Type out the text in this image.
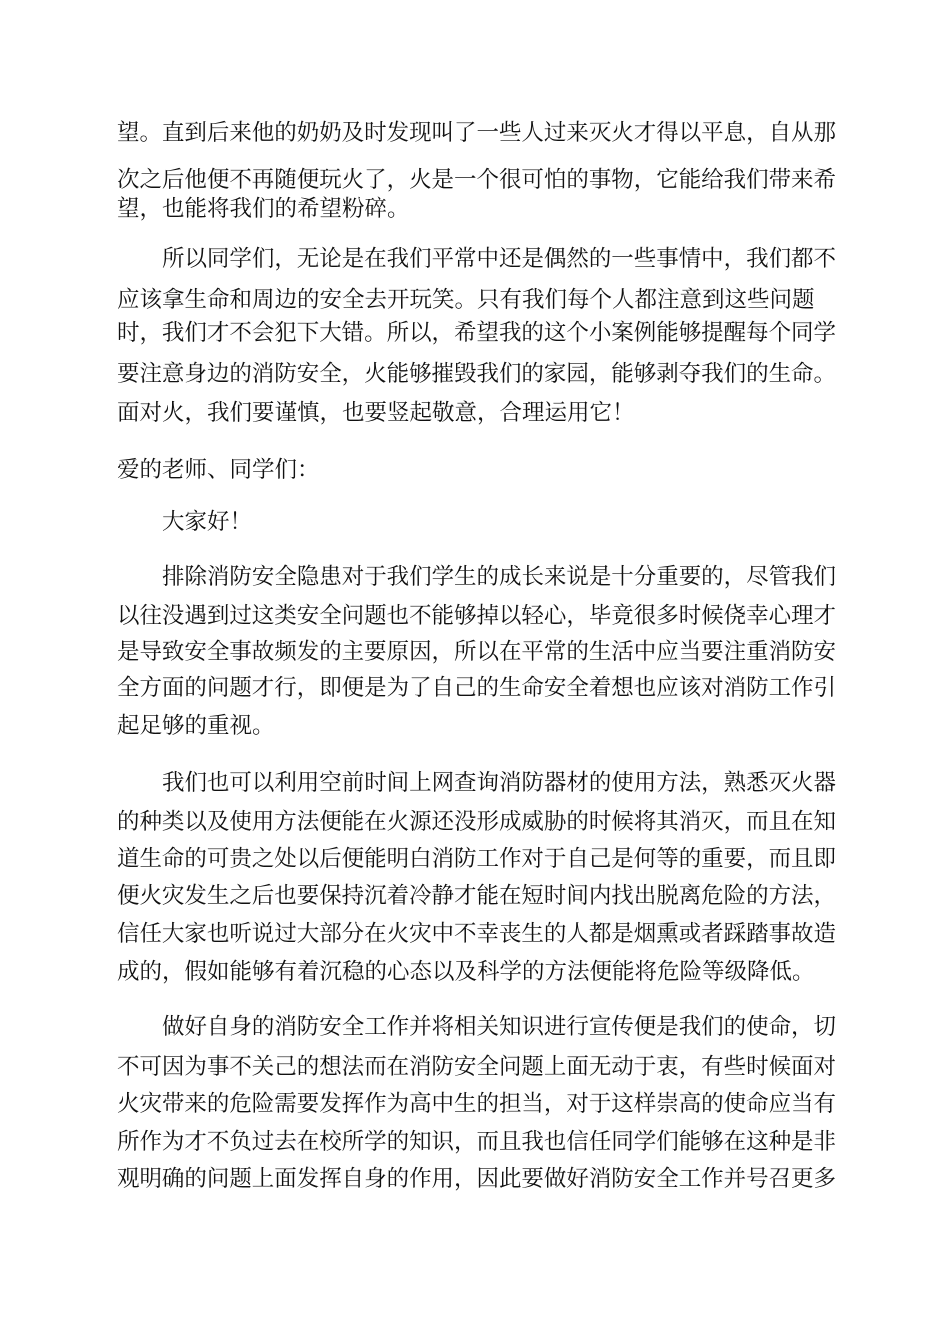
望。直到后来他的奶奶及时发现叫了一些人过来灭火才得以平息，自从那
次之后他便不再随便玩火了，火是一个很可怕的事物，它能给我们带来希
望，也能将我们的希望粉碎。
所以同学们，无论是在我们平常中还是偶然的一些事情中，我们都不
应该拿生命和周边的安全去开玩笑。只有我们每个人都注意到这些问题
时，我们才不会犯下大错。所以，希望我的这个小案例能够提醒每个同学
要注意身边的消防安全，火能够摧毁我们的家园，能够剥夺我们的生命。
面对火，我们要谨慎，也要竖起敬意，合理运用它！
爱的老师、同学们：
大家好！
排除消防安全隐患对于我们学生的成长来说是十分重要的，尽管我们
以往没遇到过这类安全问题也不能够掉以轻心，毕竟很多时候侥幸心理才
是导致安全事故频发的主要原因，所以在平常的生活中应当要注重消防安
全方面的问题才行，即便是为了自己的生命安全着想也应该对消防工作引
起足够的重视。
我们也可以利用空前时间上网查询消防器材的使用方法，熟悉灭火器
的种类以及使用方法便能在火源还没形成威胁的时候将其消灭，而且在知
道生命的可贵之处以后便能明白消防工作对于自己是何等的重要，而且即
便火灾发生之后也要保持沉着冷静才能在短时间内找出脱离危险的方法，
信任大家也听说过大部分在火灾中不幸丧生的人都是烟熏或者踩踏事故造
成的，假如能够有着沉稳的心态以及科学的方法便能将危险等级降低。
做好自身的消防安全工作并将相关知识进行宣传便是我们的使命，切
不可因为事不关己的想法而在消防安全问题上面无动于衷，有些时候面对
火灾带来的危险需要发挥作为高中生的担当，对于这样崇高的使命应当有
所作为才不负过去在校所学的知识，而且我也信任同学们能够在这种是非
观明确的问题上面发挥自身的作用，因此要做好消防安全工作并号召更多
